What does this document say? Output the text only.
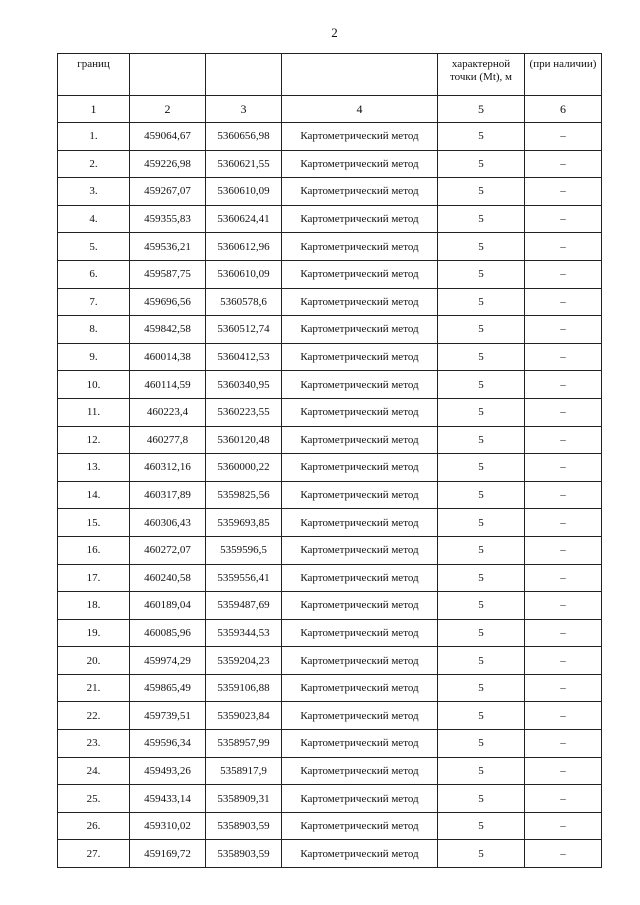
2
границ				характерной точки (Mt), м	(при наличии)
1	2	3	4	5	6
1.	459064,67	5360656,98	Картометрический метод	5	–
2.	459226,98	5360621,55	Картометрический метод	5	–
3.	459267,07	5360610,09	Картометрический метод	5	–
4.	459355,83	5360624,41	Картометрический метод	5	–
5.	459536,21	5360612,96	Картометрический метод	5	–
6.	459587,75	5360610,09	Картометрический метод	5	–
7.	459696,56	5360578,6	Картометрический метод	5	–
8.	459842,58	5360512,74	Картометрический метод	5	–
9.	460014,38	5360412,53	Картометрический метод	5	–
10.	460114,59	5360340,95	Картометрический метод	5	–
11.	460223,4	5360223,55	Картометрический метод	5	–
12.	460277,8	5360120,48	Картометрический метод	5	–
13.	460312,16	5360000,22	Картометрический метод	5	–
14.	460317,89	5359825,56	Картометрический метод	5	–
15.	460306,43	5359693,85	Картометрический метод	5	–
16.	460272,07	5359596,5	Картометрический метод	5	–
17.	460240,58	5359556,41	Картометрический метод	5	–
18.	460189,04	5359487,69	Картометрический метод	5	–
19.	460085,96	5359344,53	Картометрический метод	5	–
20.	459974,29	5359204,23	Картометрический метод	5	–
21.	459865,49	5359106,88	Картометрический метод	5	–
22.	459739,51	5359023,84	Картометрический метод	5	–
23.	459596,34	5358957,99	Картометрический метод	5	–
24.	459493,26	5358917,9	Картометрический метод	5	–
25.	459433,14	5358909,31	Картометрический метод	5	–
26.	459310,02	5358903,59	Картометрический метод	5	–
27.	459169,72	5358903,59	Картометрический метод	5	–
